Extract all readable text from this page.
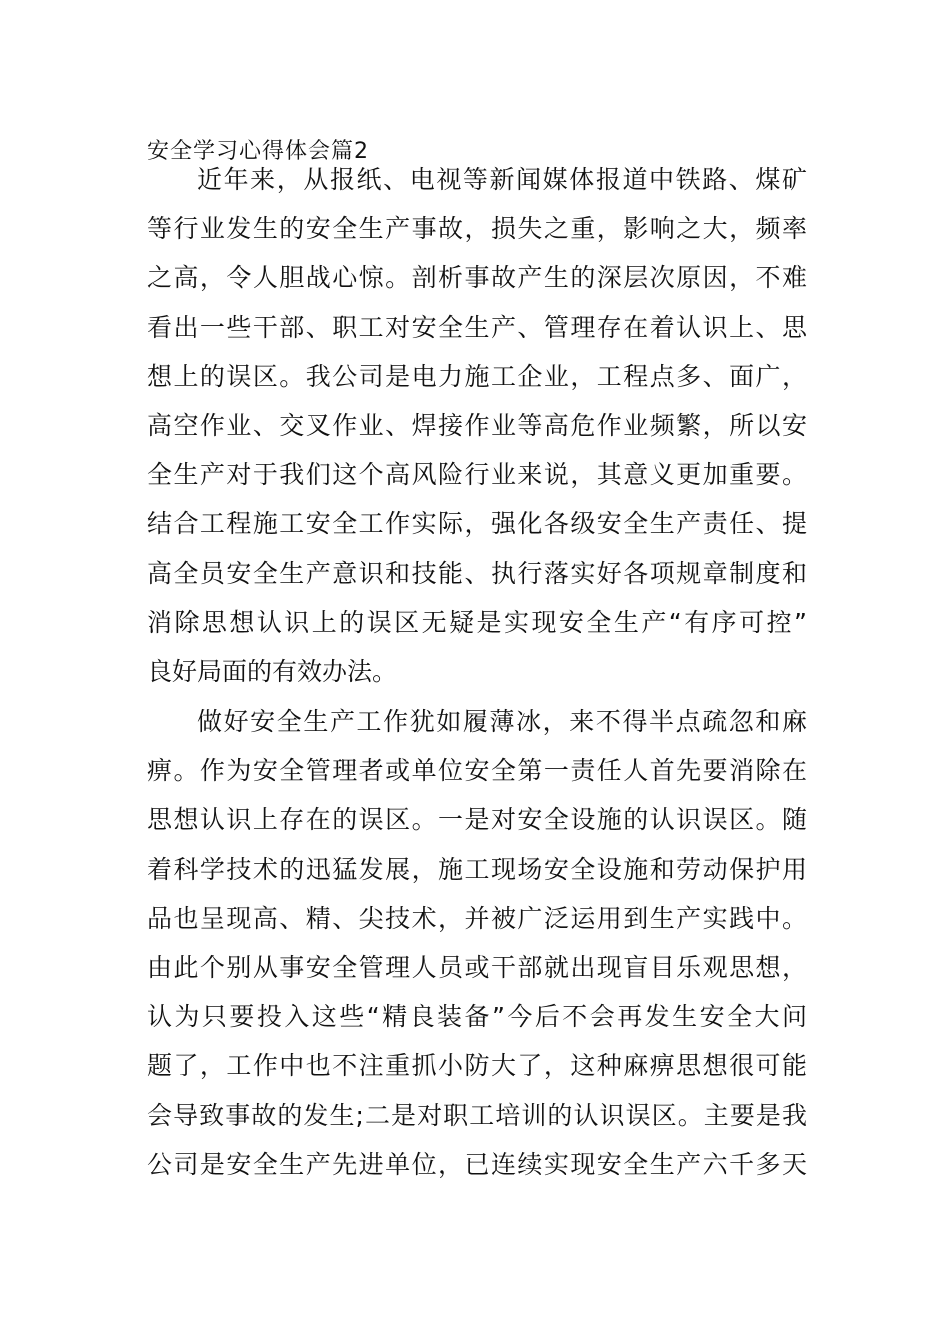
安全学习心得体会篇2
近年来，从报纸、电视等新闻媒体报道中铁路、煤矿
等行业发生的安全生产事故，损失之重，影响之大，频率
之高，令人胆战心惊。剖析事故产生的深层次原因，不难
看出一些干部、职工对安全生产、管理存在着认识上、思
想上的误区。我公司是电力施工企业，工程点多、面广，
高空作业、交叉作业、焊接作业等高危作业频繁，所以安
全生产对于我们这个高风险行业来说，其意义更加重要。
结合工程施工安全工作实际，强化各级安全生产责任、提
高全员安全生产意识和技能、执行落实好各项规章制度和
消除思想认识上的误区无疑是实现安全生产“有序可控”
良好局面的有效办法。
做好安全生产工作犹如履薄冰，来不得半点疏忽和麻
痹。作为安全管理者或单位安全第一责任人首先要消除在
思想认识上存在的误区。一是对安全设施的认识误区。随
着科学技术的迅猛发展，施工现场安全设施和劳动保护用
品也呈现高、精、尖技术，并被广泛运用到生产实践中。
由此个别从事安全管理人员或干部就出现盲目乐观思想，
认为只要投入这些“精良装备”今后不会再发生安全大问
题了，工作中也不注重抓小防大了，这种麻痹思想很可能
会导致事故的发生;二是对职工培训的认识误区。主要是我
公司是安全生产先进单位，已连续实现安全生产六千多天
